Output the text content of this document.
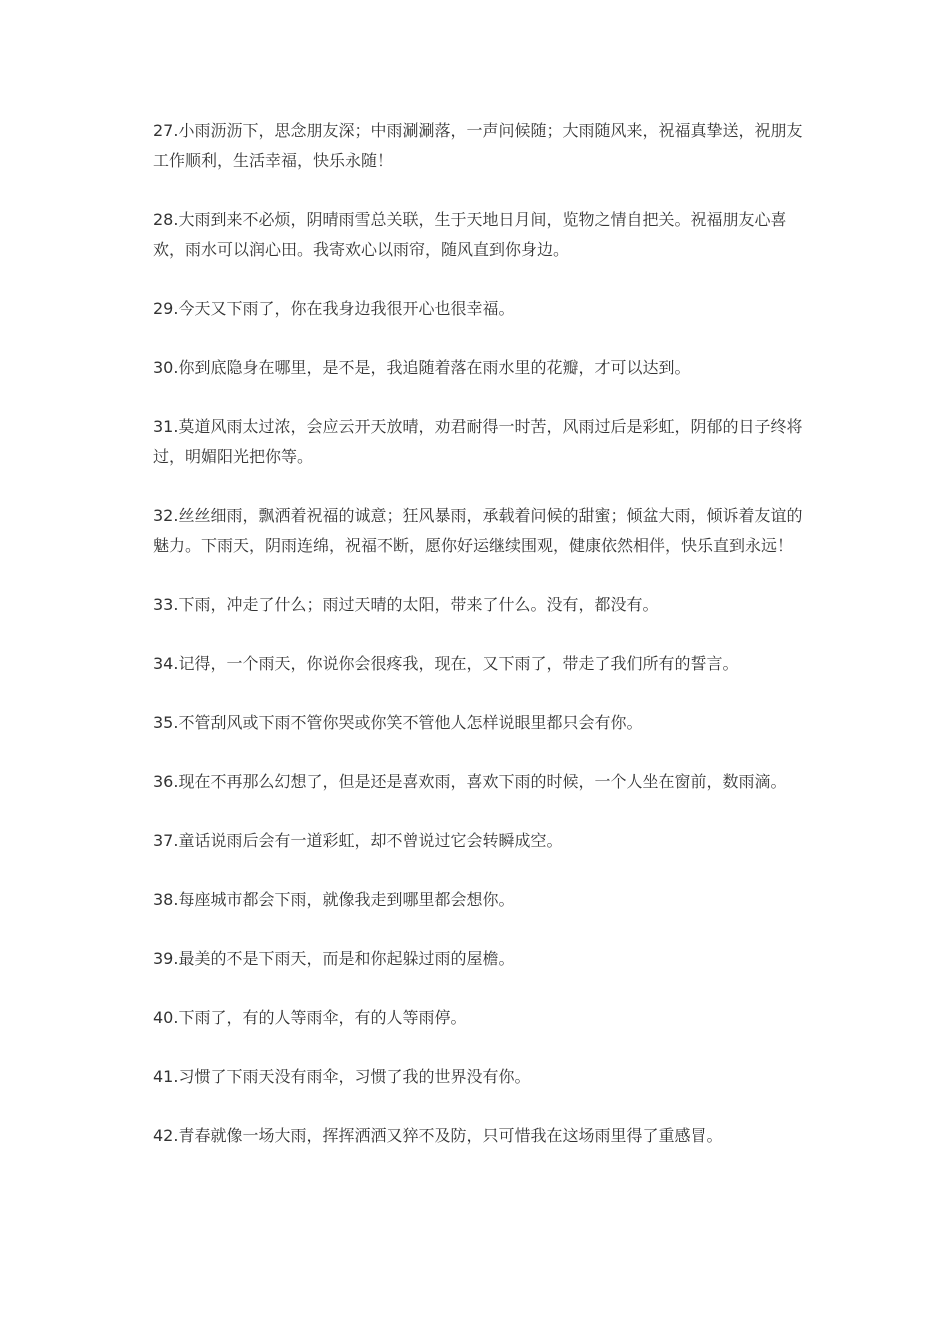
27.小雨沥沥下，思念朋友深；中雨涮涮落，一声问候随；大雨随风来，祝福真挚送，祝朋友工作顺利，生活幸福，快乐永随！

28.大雨到来不必烦，阴晴雨雪总关联，生于天地日月间，览物之情自把关。祝福朋友心喜欢，雨水可以润心田。我寄欢心以雨帘，随风直到你身边。

29.今天又下雨了，你在我身边我很开心也很幸福。

30.你到底隐身在哪里，是不是，我追随着落在雨水里的花瓣，才可以达到。

31.莫道风雨太过浓，会应云开天放晴，劝君耐得一时苦，风雨过后是彩虹，阴郁的日子终将过，明媚阳光把你等。

32.丝丝细雨，飘洒着祝福的诚意；狂风暴雨，承载着问候的甜蜜；倾盆大雨，倾诉着友谊的魅力。下雨天，阴雨连绵，祝福不断，愿你好运继续围观，健康依然相伴，快乐直到永远！

33.下雨，冲走了什么；雨过天晴的太阳，带来了什么。没有，都没有。

34.记得，一个雨天，你说你会很疼我，现在，又下雨了，带走了我们所有的誓言。

35.不管刮风或下雨不管你哭或你笑不管他人怎样说眼里都只会有你。

36.现在不再那么幻想了，但是还是喜欢雨，喜欢下雨的时候，一个人坐在窗前，数雨滴。

37.童话说雨后会有一道彩虹，却不曾说过它会转瞬成空。

38.每座城市都会下雨，就像我走到哪里都会想你。

39.最美的不是下雨天，而是和你起躲过雨的屋檐。

40.下雨了，有的人等雨伞，有的人等雨停。

41.习惯了下雨天没有雨伞，习惯了我的世界没有你。

42.青春就像一场大雨，挥挥洒洒又猝不及防，只可惜我在这场雨里得了重感冒。
